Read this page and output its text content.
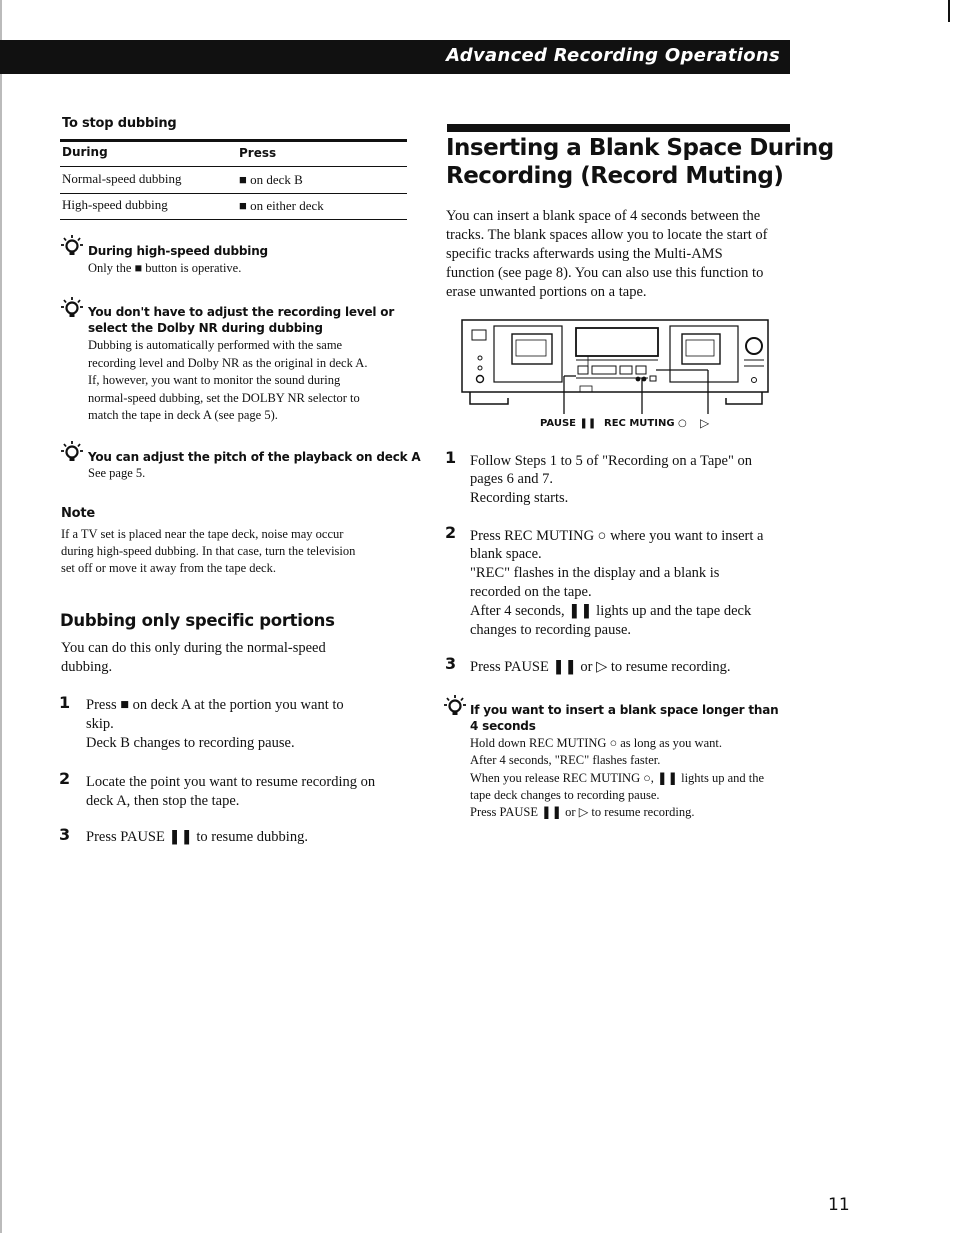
Advanced Recording Operations
To stop dubbing
During	Press
Normal-speed dubbing	■ on deck B
High-speed dubbing	■ on either deck
During high-speed dubbing
Only the ■ button is operative.
You don't have to adjust the recording level or
select the Dolby NR during dubbing
Dubbing is automatically performed with the same
recording level and Dolby NR as the original in deck A.
If, however, you want to monitor the sound during
normal-speed dubbing, set the DOLBY NR selector to
match the tape in deck A (see page 5).
You can adjust the pitch of the playback on deck A
See page 5.
Note
If a TV set is placed near the tape deck, noise may occur
during high-speed dubbing. In that case, turn the television
set off or move it away from the tape deck.
Dubbing only specific portions
You can do this only during the normal-speed
dubbing.
1 Press ■ on deck A at the portion you want to
skip.
Deck B changes to recording pause.
2 Locate the point you want to resume recording on
deck A, then stop the tape.
3 Press PAUSE ❚❚ to resume dubbing.
Inserting a Blank Space During
Recording (Record Muting)
You can insert a blank space of 4 seconds between the
tracks. The blank spaces allow you to locate the start of
specific tracks afterwards using the Multi-AMS
function (see page 8). You can also use this function to
erase unwanted portions on a tape.
PAUSE ❚❚ REC MUTING ○ ▷
1 Follow Steps 1 to 5 of "Recording on a Tape" on
pages 6 and 7.
Recording starts.
2 Press REC MUTING ○ where you want to insert a
blank space.
"REC" flashes in the display and a blank is
recorded on the tape.
After 4 seconds, ❚❚ lights up and the tape deck
changes to recording pause.
3 Press PAUSE ❚❚ or ▷ to resume recording.
If you want to insert a blank space longer than
4 seconds
Hold down REC MUTING ○ as long as you want.
After 4 seconds, "REC" flashes faster.
When you release REC MUTING ○, ❚❚ lights up and the
tape deck changes to recording pause.
Press PAUSE ❚❚ or ▷ to resume recording.
11
